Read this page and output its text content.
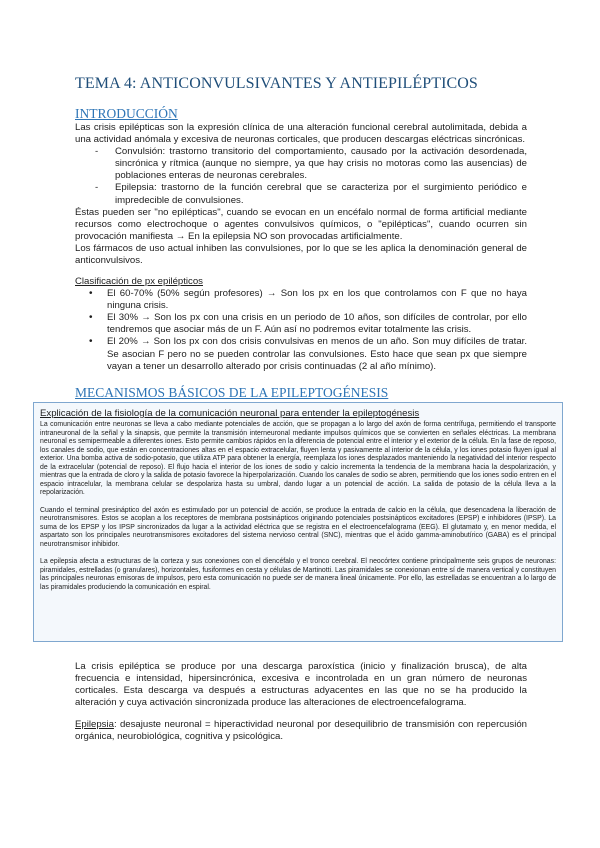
TEMA 4: ANTICONVULSIVANTES Y ANTIEPILÉPTICOS
INTRODUCCIÓN

Las crisis epilépticas son la expresión clínica de una alteración funcional cerebral autolimitada, debida a una actividad anómala y excesiva de neuronas corticales, que producen descargas eléctricas sincrónicas.

- Convulsión: trastorno transitorio del comportamiento, causado por la activación desordenada, sincrónica y rítmica (aunque no siempre, ya que hay crisis no motoras como las ausencias) de poblaciones enteras de neuronas cerebrales.
- Epilepsia: trastorno de la función cerebral que se caracteriza por el surgimiento periódico e impredecible de convulsiones.

Éstas pueden ser "no epilépticas", cuando se evocan en un encéfalo normal de forma artificial mediante recursos como electrochoque o agentes convulsivos químicos, o "epilépticas", cuando ocurren sin provocación manifiesta → En la epilepsia NO son provocadas artificialmente.

Los fármacos de uso actual inhiben las convulsiones, por lo que se les aplica la denominación general de anticonvulsivos.

Clasificación de px epilépticos

• El 60-70% (50% según profesores) → Son los px en los que controlamos con F que no haya ninguna crisis.
• El 30% → Son los px con una crisis en un periodo de 10 años, son difíciles de controlar, por ello tendremos que asociar más de un F. Aún así no podremos evitar totalmente las crisis.
• El 20% → Son los px con dos crisis convulsivas en menos de un año. Son muy difíciles de tratar. Se asocian F pero no se pueden controlar las convulsiones. Esto hace que sean px que siempre vayan a tener un desarrollo alterado por crisis continuadas (2 al año mínimo).
MECANISMOS BÁSICOS DE LA EPILEPTOGÉNESIS
Explicación de la fisiología de la comunicación neuronal para entender la epileptogénesis

La comunicación entre neuronas se lleva a cabo mediante potenciales de acción, que se propagan a lo largo del axón de forma centrífuga, permitiendo el transporte intraneuronal de la señal y la sinapsis, que permite la transmisión interneuronal mediante impulsos químicos que se convierten en señales eléctricas. La membrana neuronal es semipermeable a diferentes iones. Esto permite cambios rápidos en la diferencia de potencial entre el interior y el exterior de la célula. En la fase de reposo, los canales de sodio, que están en concentraciones altas en el espacio extracelular, fluyen lenta y pasivamente al interior de la célula, y los iones potasio fluyen igual al exterior. Una bomba activa de sodio-potasio, que utiliza ATP para obtener la energía, reemplaza los iones desplazados manteniendo la negatividad del interior respecto de la extracelular (potencial de reposo). El flujo hacia el interior de los iones de sodio y calcio incrementa la tendencia de la membrana hacia la despolarización, y mientras que la entrada de cloro y la salida de potasio favorece la hiperpolarización. Cuando los canales de sodio se abren, permitiendo que los iones sodio entren en el espacio intracelular, la membrana celular se despolariza hasta su umbral, dando lugar a un potencial de acción. La salida de potasio de la célula lleva a la repolarización.

Cuando el terminal presináptico del axón es estimulado por un potencial de acción, se produce la entrada de calcio en la célula, que desencadena la liberación de neurotransmisores. Estos se acoplan a los receptores de membrana postsinápticos originando potenciales postsinápticos excitadores (EPSP) e inhibidores (IPSP). La suma de los EPSP y los IPSP sincronizados da lugar a la actividad eléctrica que se registra en el electroencefalograma (EEG). El glutamato y, en menor medida, el aspartato son los principales neurotransmisores excitadores del sistema nervioso central (SNC), mientras que el ácido gamma-aminobutírico (GABA) es el principal neurotransmisor inhibidor.

La epilepsia afecta a estructuras de la corteza y sus conexiones con el diencéfalo y el tronco cerebral. El neocórtex contiene principalmente seis grupos de neuronas: piramidales, estrelladas (o granulares), horizontales, fusiformes en cesta y células de Martinotti. Las piramidales se conexionan entre sí de manera vertical y constituyen las principales neuronas emisoras de impulsos, pero esta comunicación no puede ser de manera lineal únicamente. Por ello, las estrelladas se encuentran a lo largo de las piramidales produciendo la comunicación en espiral.

La crisis epiléptica se produce por una descarga paroxística (inicio y finalización brusca), de alta frecuencia e intensidad, hipersincrónica, excesiva e incontrolada en un gran número de neuronas corticales. Esta descarga va después a estructuras adyacentes en las que no se ha producido la alteración y cuya activación sincronizada produce las alteraciones de electroencefalograma.

Epilepsia: desajuste neuronal = hiperactividad neuronal por desequilibrio de transmisión con repercusión orgánica, neurobiológica, cognitiva y psicológica.
